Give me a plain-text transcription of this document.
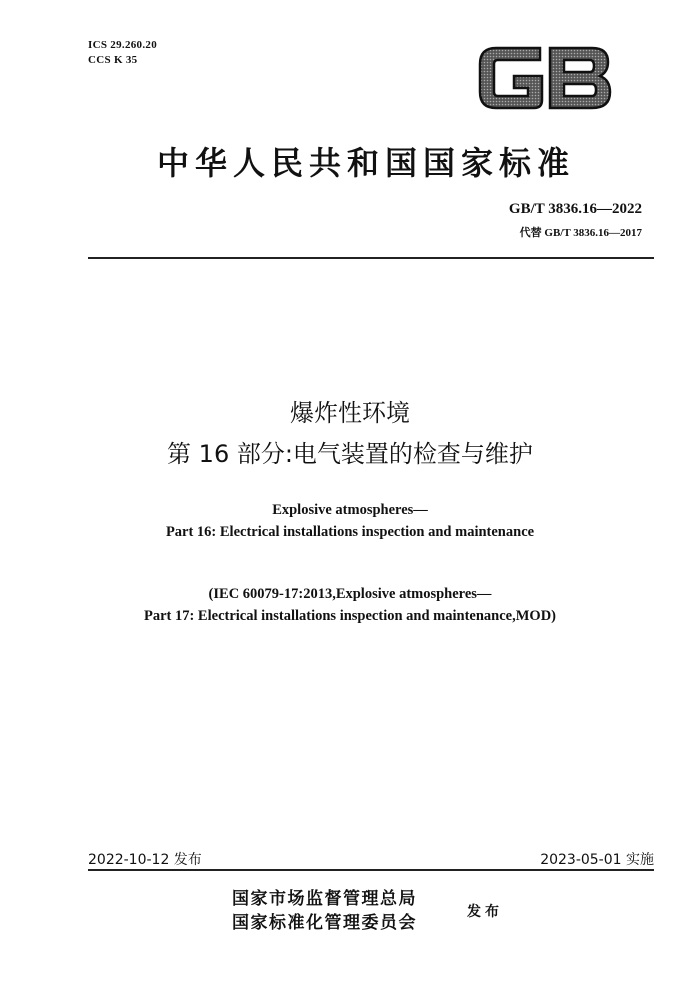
ICS 29.260.20
CCS K 35
中华人民共和国国家标准
GB/T 3836.16—2022
代替 GB/T 3836.16—2017
爆炸性环境
第 16 部分:电气装置的检查与维护
Explosive atmospheres—
Part 16: Electrical installations inspection and maintenance
(IEC 60079-17:2013,Explosive atmospheres—
Part 17: Electrical installations inspection and maintenance,MOD)
2022-10-12 发布	2023-05-01 实施
国家市场监督管理总局
国家标准化管理委员会
发布
